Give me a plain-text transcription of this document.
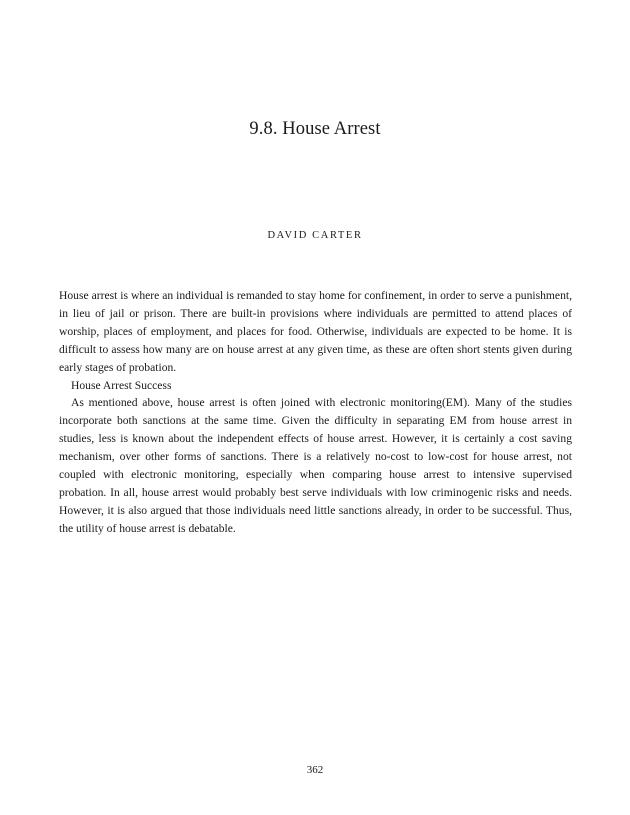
9.8. House Arrest
DAVID CARTER

House arrest is where an individual is remanded to stay home for confinement, in order to serve a punishment, in lieu of jail or prison. There are built-in provisions where individuals are permitted to attend places of worship, places of employment, and places for food. Otherwise, individuals are expected to be home. It is difficult to assess how many are on house arrest at any given time, as these are often short stents given during early stages of probation.

House Arrest Success

As mentioned above, house arrest is often joined with electronic monitoring(EM). Many of the studies incorporate both sanctions at the same time. Given the difficulty in separating EM from house arrest in studies, less is known about the independent effects of house arrest. However, it is certainly a cost saving mechanism, over other forms of sanctions. There is a relatively no-cost to low-cost for house arrest, not coupled with electronic monitoring, especially when comparing house arrest to intensive supervised probation. In all, house arrest would probably best serve individuals with low criminogenic risks and needs. However, it is also argued that those individuals need little sanctions already, in order to be successful. Thus, the utility of house arrest is debatable.

362
